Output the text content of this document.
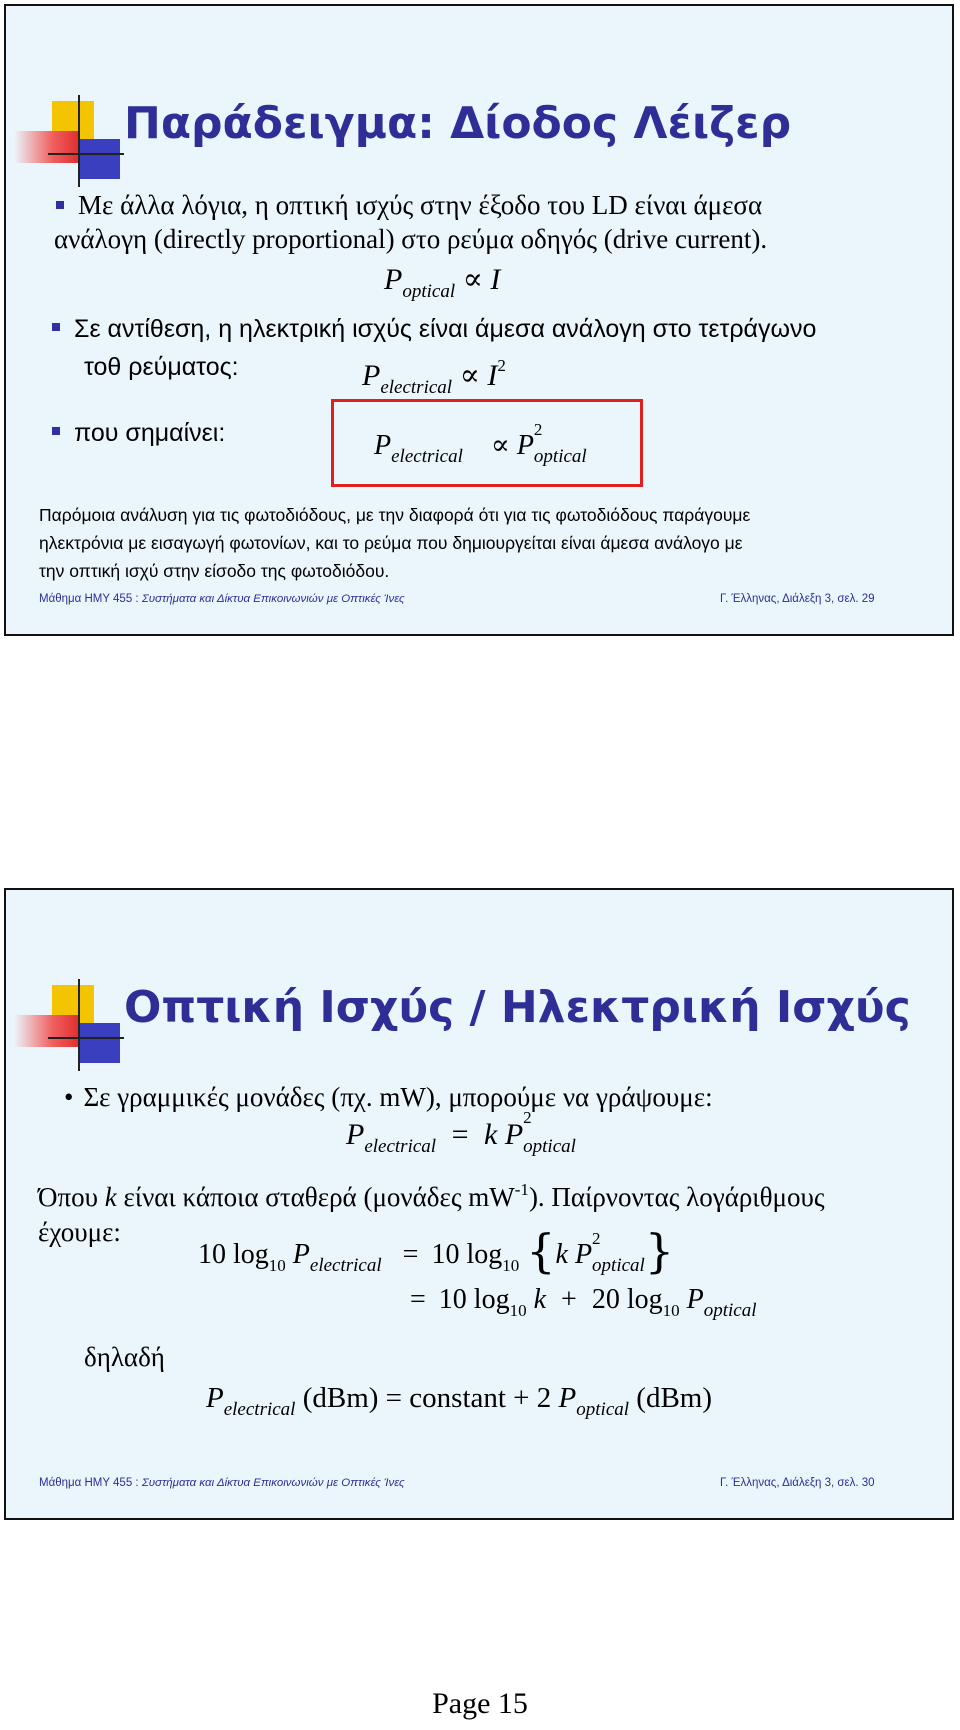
Παράδειγμα: Δίοδος Λέιζερ
Με άλλα λόγια, η οπτική ισχύς στην έξοδο του LD είναι άμεσα
ανάλογη (directly proportional) στο ρεύμα οδηγός (drive current).
$P_{optical} \propto I$
Σε αντίθεση, η ηλεκτρική ισχύς είναι άμεσα ανάλογη στο τετράγωνο
τοθ ρεύματος:	$P_{electrical} \propto I^2$
που σημαίνει:	$P_{electrical} \propto P$
2
$_{optical}$
Παρόμοια ανάλυση για τις φωτοδιόδους, με την διαφορά ότι για τις φωτοδιόδους παράγουμε
ηλεκτρόνια με εισαγωγή φωτονίων, και το ρεύμα που δημιουργείται είναι άμεσα ανάλογο με
την οπτική ισχύ στην είσοδο της φωτοδιόδου.
Μάθημα ΗΜΥ 455 : Συστήματα και Δίκτυα Επικοινωνιών με Οπτικές Ίνες	Γ. Έλληνας, Διάλεξη 3, σελ. 29
Οπτική Ισχύς / Ηλεκτρική Ισχύς
• Σε γραμμικές μονάδες (πχ. mW), μπορούμε να γράψουμε:
$P_{electrical} = k$ P
2
$_{optical}$
Όπου k είναι κάποια σταθερά (μονάδες $mW^{-1}$). Παίρνοντας λογάριθμους
έχουμε:
10 $\log_{10} P_{electrical} = 10$ $\log_{10} \{k$ P
2
$_{optical}$}
= 10 $\log_{10} k + 20$ $\log_{10} P_{optical}$
δηλαδή
$P_{electrical}$ (dBm) = constant + 2 $P_{optical}$ (dBm)
Μάθημα ΗΜΥ 455 : Συστήματα και Δίκτυα Επικοινωνιών με Οπτικές Ίνες	Γ. Έλληνας, Διάλεξη 3, σελ. 30
Page 15
